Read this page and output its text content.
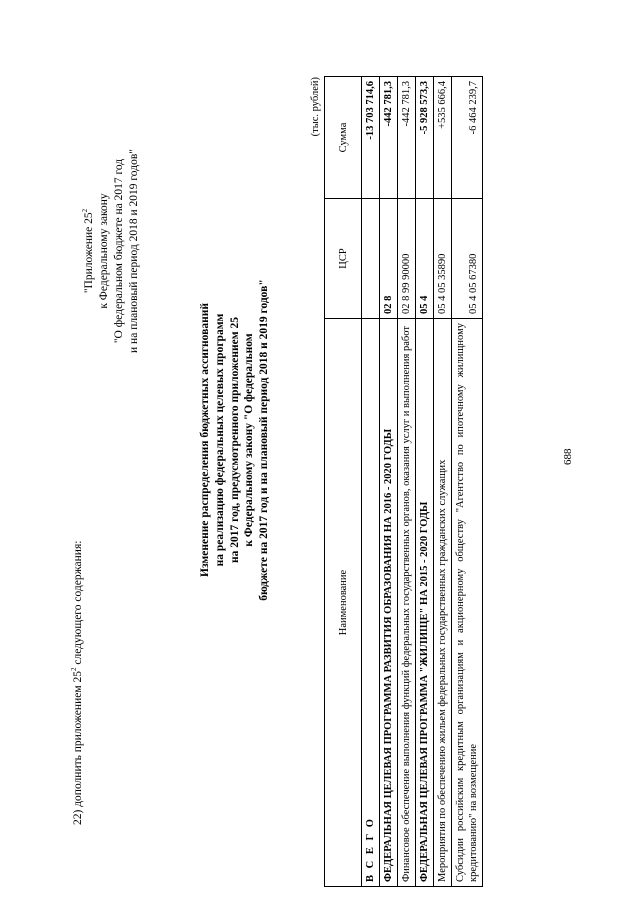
688
22) дополнить приложением $25^2$ следующего содержания:
"Приложение $25^2$ к Федеральному закону "О федеральном бюджете на 2017 год и на плановый период 2018 и 2019 годов"
Изменение распределения бюджетных ассигнований на реализацию федеральных целевых программ на 2017 год, предусмотренного приложением 25 к Федеральному закону "О федеральном бюджете на 2017 год и на плановый период 2018 и 2019 годов"
(тыс. рублей)
Наименование	ЦСР	Сумма
В С Е Г О		-13 703 714,6
ФЕДЕРАЛЬНАЯ ЦЕЛЕВАЯ ПРОГРАММА РАЗВИТИЯ ОБРАЗОВАНИЯ НА 2016 - 2020 ГОДЫ	02 8	-442 781,3
Финансовое обеспечение выполнения функций федеральных государственных органов, оказания услуг и выполнения работ	02 8 99 90000	-442 781,3
ФЕДЕРАЛЬНАЯ ЦЕЛЕВАЯ ПРОГРАММА "ЖИЛИЩЕ" НА 2015 - 2020 ГОДЫ	05 4	-5 928 573,3
Мероприятия по обеспечению жильем федеральных государственных гражданских служащих	05 4 05 35890	+535 666,4
Субсидии российским кредитным организациям и акционерному обществу "Агентство по ипотечному жилищному кредитованию" на возмещение	05 4 05 67380	-6 464 239,7
